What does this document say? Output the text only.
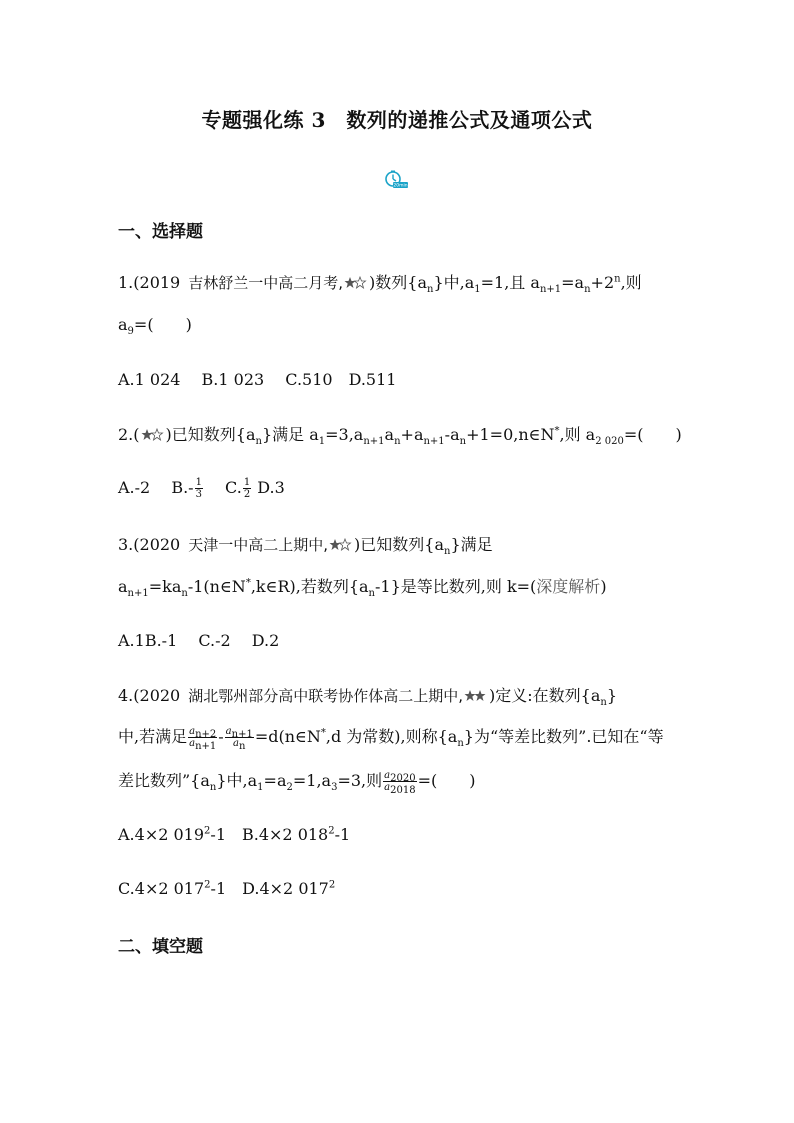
专题强化练 3　数列的递推公式及通项公式
20min
一、选择题
1.(2019 吉林舒兰一中高二月考, )数列$\{a_n\}$中$,a_1=1$,且 $a_{n+1}=a_n+2^n$,则
$a_9=$(　　)
A.1 024　 B.1 023　 C.510　D.511
2.( )已知数列$\{a_n\}$满足 $a_1=3,a_{n+1}a_n+a_{n+1}-a_n+1=0,n\in N^*$,则 $a_{2 020}=$(　　)
A.-2　 $B.- \frac{1}{3}$ 　 C. $\frac{1}{2} D.3$
3.(2020 天津一中高二上期中, )已知数列$\{a_n\}$满足
$a_{n+1}=ka_n-1(n\in N^*,k\in R)$,若数列$\{a_n-1\}$是等比数列,则 k=(深度解析)
A.1B.-1　 C.-2　 D.2
4.(2020 湖北鄂州部分高中联考协作体高二上期中, )定义:在数列$\{a_n\}$
中,若满足 $\frac{a_{n+2}}{a_{n+1}} - \frac{a_{n+1}}{a_n}$ =d(n∈N*,d 为常数),则称$\{a_n\}$为“等差比数列”.已知在“等
差比数列$”\{a_n\}$中$,a_1=a_2=1,a_3=3$,则 $\frac{a_{2020}}{a_{2018}}$ =(　　)
A.4×2 $019^2-1$　B.4×2 $018^2-1$
C.4×2 $017^2-1$　D.4×2 $017^2$
二、填空题
